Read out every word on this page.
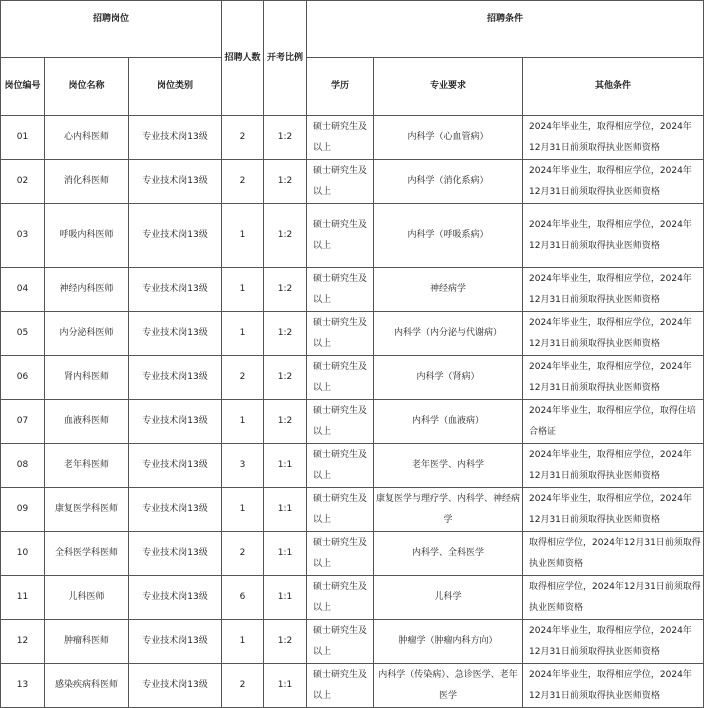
招聘岗位			招聘人数	开考比例	招聘条件		
岗位编号	岗位名称	岗位类别			学历	专业要求	其他条件
01	心内科医师	专业技术岗13级	2	1:2	硕士研究生及以上	内科学（心血管病）	2024年毕业生，取得相应学位，2024年12月31日前须取得执业医师资格
02	消化科医师	专业技术岗13级	2	1:2	硕士研究生及以上	内科学（消化系病）	2024年毕业生，取得相应学位，2024年12月31日前须取得执业医师资格
03	呼吸内科医师	专业技术岗13级	1	1:2	硕士研究生及以上	内科学（呼吸系病）	2024年毕业生，取得相应学位，2024年12月31日前须取得执业医师资格
04	神经内科医师	专业技术岗13级	1	1:2	硕士研究生及以上	神经病学	2024年毕业生，取得相应学位，2024年12月31日前须取得执业医师资格
05	内分泌科医师	专业技术岗13级	1	1:2	硕士研究生及以上	内科学（内分泌与代谢病）	2024年毕业生，取得相应学位，2024年12月31日前须取得执业医师资格
06	肾内科医师	专业技术岗13级	2	1:2	硕士研究生及以上	内科学（肾病）	2024年毕业生，取得相应学位，2024年12月31日前须取得执业医师资格
07	血液科医师	专业技术岗13级	1	1:2	硕士研究生及以上	内科学（血液病）	2024年毕业生，取得相应学位，取得住培合格证
08	老年科医师	专业技术岗13级	3	1:1	硕士研究生及以上	老年医学、内科学	2024年毕业生，取得相应学位，2024年12月31日前须取得执业医师资格
09	康复医学科医师	专业技术岗13级	1	1:1	硕士研究生及以上	康复医学与理疗学、内科学、神经病学	2024年毕业生，取得相应学位，2024年12月31日前须取得执业医师资格
10	全科医学科医师	专业技术岗13级	2	1:1	硕士研究生及以上	内科学、全科医学	取得相应学位，2024年12月31日前须取得执业医师资格
11	儿科医师	专业技术岗13级	6	1:1	硕士研究生及以上	儿科学	取得相应学位，2024年12月31日前须取得执业医师资格
12	肿瘤科医师	专业技术岗13级	1	1:2	硕士研究生及以上	肿瘤学（肿瘤内科方向）	2024年毕业生，取得相应学位，2024年12月31日前须取得执业医师资格
13	感染疾病科医师	专业技术岗13级	2	1:1	硕士研究生及以上	内科学（传染病）、急诊医学、老年医学	2024年毕业生，取得相应学位，2024年12月31日前须取得执业医师资格
